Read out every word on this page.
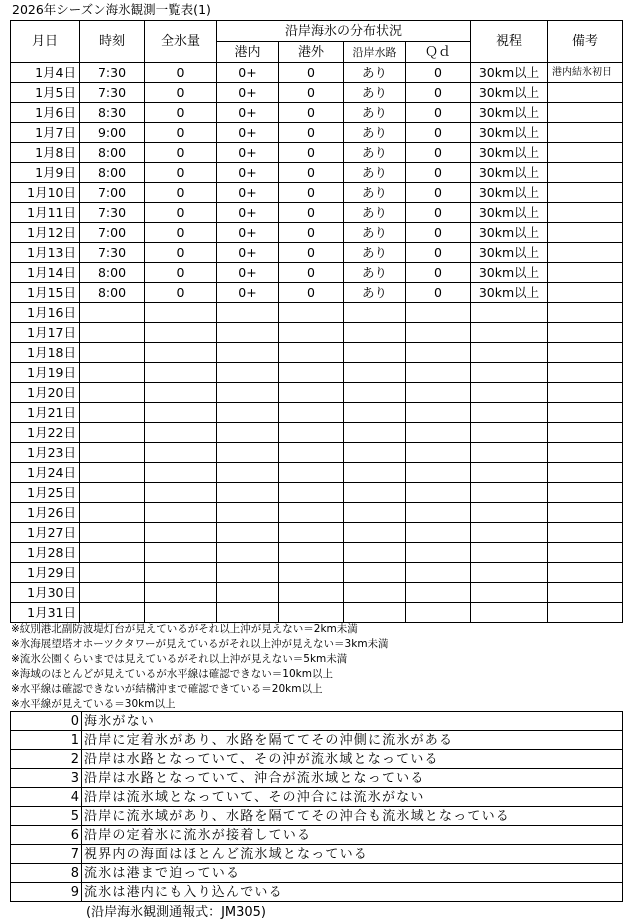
2026年シーズン海氷観測一覧表(1)
月日	時刻	全氷量	沿岸海氷の分布状況				視程	備考
			港内	港外	沿岸水路	Ｑｄ		
1月4日	7:30	0	0+	0	あり	0	30km以上	港内結氷初日
1月5日	7:30	0	0+	0	あり	0	30km以上	
1月6日	8:30	0	0+	0	あり	0	30km以上	
1月7日	9:00	0	0+	0	あり	0	30km以上	
1月8日	8:00	0	0+	0	あり	0	30km以上	
1月9日	8:00	0	0+	0	あり	0	30km以上	
1月10日	7:00	0	0+	0	あり	0	30km以上	
1月11日	7:30	0	0+	0	あり	0	30km以上	
1月12日	7:00	0	0+	0	あり	0	30km以上	
1月13日	7:30	0	0+	0	あり	0	30km以上	
1月14日	8:00	0	0+	0	あり	0	30km以上	
1月15日	8:00	0	0+	0	あり	0	30km以上	
1月16日								
1月17日								
1月18日								
1月19日								
1月20日								
1月21日								
1月22日								
1月23日								
1月24日								
1月25日								
1月26日								
1月27日								
1月28日								
1月29日								
1月30日								
1月31日								
※紋別港北副防波堤灯台が見えているがそれ以上沖が見えない＝2km未満
※氷海展望塔オホーツクタワーが見えているがそれ以上沖が見えない＝3km未満
※流氷公園くらいまでは見えているがそれ以上沖が見えない＝5km未満
※海域のほとんどが見えているが水平線は確認できない＝10km以上
※水平線は確認できないが結構沖まで確認できている＝20km以上
※水平線が見えている＝30km以上
0	海氷がない
1	沿岸に定着氷があり、水路を隔ててその沖側に流氷がある
2	沿岸は水路となっていて、その沖が流氷域となっている
3	沿岸は水路となっていて、沖合が流氷域となっている
4	沿岸は流氷域となっていて、その沖合には流氷がない
5	沿岸に流氷域があり、水路を隔ててその沖合も流氷域となっている
6	沿岸の定着氷に流氷が接着している
7	視界内の海面はほとんど流氷域となっている
8	流氷は港まで迫っている
9	流氷は港内にも入り込んでいる
(沿岸海氷観測通報式：JM305)
